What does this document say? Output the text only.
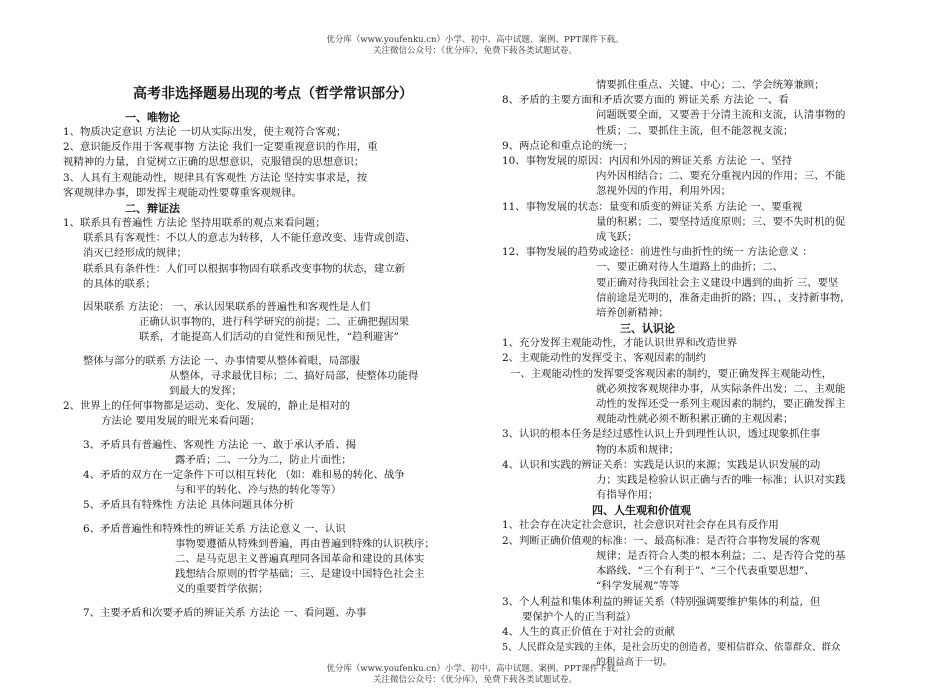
优分库（www.youfenku.cn）小学、初中、高中试题、案例、PPT课件下载。
关注微信公众号：《优分库》，免费下载各类试题试卷。
高考非选择题易出现的考点（哲学常识部分）
一、唯物论

1、物质决定意识 方法论 一切从实际出发，使主观符合客观；

2、意识能反作用于客观事物 方法论 我们一定要重视意识的作用，重

视精神的力量，自觉树立正确的思想意识，克服错误的思想意识；

3、人具有主观能动性，规律具有客观性 方法论 坚持实事求是，按

客观规律办事，即发挥主观能动性要尊重客观规律。

二、辩证法

1、联系具有普遍性 方法论 坚持用联系的观点来看问题；

联系具有客观性：不以人的意志为转移，人不能任意改变、违背或创造、

消灭已经形成的规律；

联系具有条件性：人们可以根据事物固有联系改变事物的状态，建立新

的具体的联系；

因果联系 方法论： 一、承认因果联系的普遍性和客观性是人们

正确认识事物的，进行科学研究的前提；二、正确把握因果

联系，才能提高人们活动的自觉性和预见性，“趋利避害”

整体与部分的联系 方法论 一、办事情要从整体着眼，局部服

从整体，寻求最优目标；二、搞好局部，使整体功能得

到最大的发挥；

2、世界上的任何事物都是运动、变化、发展的，静止是相对的

方法论 要用发展的眼光来看问题；

3、矛盾具有普遍性、客观性 方法论 一、敢于承认矛盾、揭

露矛盾；二、一分为二，防止片面性；

4、矛盾的双方在一定条件下可以相互转化 （如：难和易的转化、战争

与和平的转化、冷与热的转化等等）

5、矛盾具有特殊性 方法论 具体问题具体分析

6、矛盾普遍性和特殊性的辨证关系 方法论意义 一、认识

事物要遵循从特殊到普遍，再由普遍到特殊的认识秩序；

二、是马克思主义普遍真理同各国革命和建设的具体实

践想结合原则的哲学基础；三、是建设中国特色社会主

义的重要哲学依据；

7、主要矛盾和次要矛盾的辨证关系 方法论 一、看问题、办事

情要抓住重点、关键、中心；二、学会统筹兼顾；

8、矛盾的主要方面和矛盾次要方面的 辨证关系 方法论 一、看

问题既要全面，又要善于分清主流和支流，认清事物的

性质；二、要抓住主流，但不能忽视支流；

9、两点论和重点论的统一；

10、事物发展的原因：内因和外因的辨证关系 方法论 一、坚持

内外因相结合；二、要充分重视内因的作用；三、不能

忽视外因的作用，利用外因；

11、事物发展的状态：量变和质变的辨证关系 方法论 一、要重视

量的积累；二、要坚持适度原则；三、要不失时机的促

成飞跃；

12、事物发展的趋势或途径：前进性与曲折性的统一 方法论意义 ：

一、要正确对待人生道路上的曲折；二、

要正确对待我国社会主义建设中遇到的曲折 三、要坚

信前途是光明的，准备走曲折的路；四、，支持新事物，

培养创新精神；

三、认识论

1、充分发挥主观能动性，才能认识世界和改造世界

2、主观能动性的发挥受主、客观因素的制约

一、主观能动性的发挥要受客观因素的制约，要正确发挥主观能动性，

就必须按客观规律办事，从实际条件出发；二、主观能

动性的发挥还受一系列主观因素的制约，要正确发挥主

观能动性就必须不断积累正确的主观因素；

3、认识的根本任务是经过感性认识上升到理性认识，透过现象抓住事

物的本质和规律；

4、认识和实践的辨证关系：实践是认识的来源；实践是认识发展的动

力；实践是检验认识正确与否的唯一标准；认识对实践

有指导作用；

四、人生观和价值观

1、社会存在决定社会意识，社会意识对社会存在具有反作用

2、判断正确价值观的标准：一、最高标准：是否符合事物发展的客观

规律；是否符合人类的根本利益；二、是否符合党的基

本路线、“三个有利于”、“三个代表重要思想”、

“科学发展观”等等

3、个人利益和集体利益的辨证关系（特别强调要维护集体的利益，但

要保护个人的正当利益）

4、人生的真正价值在于对社会的贡献

5、人民群众是实践的主体，是社会历史的创造者，要相信群众、依靠群众、群众

的利益高于一切。

优分库（www.youfenku.cn）小学、初中、高中试题、案例、PPT课件下载。
关注微信公众号：《优分库》，免费下载各类试题试卷。
